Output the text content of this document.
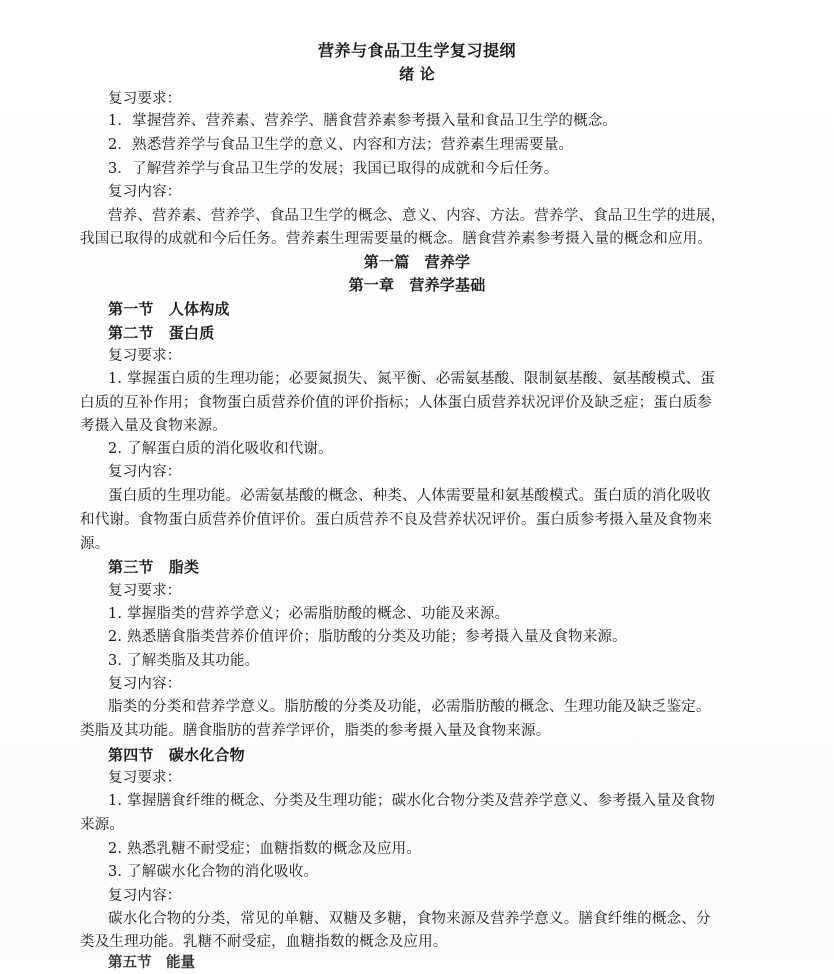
营养与食品卫生学复习提纲
绪 论
复习要求：
1．掌握营养、营养素、营养学、膳食营养素参考摄入量和食品卫生学的概念。
2．熟悉营养学与食品卫生学的意义、内容和方法；营养素生理需要量。
3．了解营养学与食品卫生学的发展；我国已取得的成就和今后任务。
复习内容：
营养、营养素、营养学、食品卫生学的概念、意义、内容、方法。营养学、食品卫生学的进展，
我国已取得的成就和今后任务。营养素生理需要量的概念。膳食营养素参考摄入量的概念和应用。
第一篇　营养学
第一章　营养学基础
第一节　人体构成
第二节　蛋白质
复习要求：
1. 掌握蛋白质的生理功能；必要氮损失、氮平衡、必需氨基酸、限制氨基酸、氨基酸模式、蛋
白质的互补作用；食物蛋白质营养价值的评价指标；人体蛋白质营养状况评价及缺乏症；蛋白质参
考摄入量及食物来源。
2. 了解蛋白质的消化吸收和代谢。
复习内容：
蛋白质的生理功能。必需氨基酸的概念、种类、人体需要量和氨基酸模式。蛋白质的消化吸收
和代谢。食物蛋白质营养价值评价。蛋白质营养不良及营养状况评价。蛋白质参考摄入量及食物来
源。
第三节　脂类
复习要求：
1. 掌握脂类的营养学意义；必需脂肪酸的概念、功能及来源。
2. 熟悉膳食脂类营养价值评价；脂肪酸的分类及功能；参考摄入量及食物来源。
3. 了解类脂及其功能。
复习内容：
脂类的分类和营养学意义。脂肪酸的分类及功能，必需脂肪酸的概念、生理功能及缺乏鉴定。
类脂及其功能。膳食脂肪的营养学评价，脂类的参考摄入量及食物来源。
第四节　碳水化合物
复习要求：
1. 掌握膳食纤维的概念、分类及生理功能；碳水化合物分类及营养学意义、参考摄入量及食物
来源。
2. 熟悉乳糖不耐受症；血糖指数的概念及应用。
3. 了解碳水化合物的消化吸收。
复习内容：
碳水化合物的分类，常见的单糖、双糖及多糖，食物来源及营养学意义。膳食纤维的概念、分
类及生理功能。乳糖不耐受症，血糖指数的概念及应用。
第五节　能量
